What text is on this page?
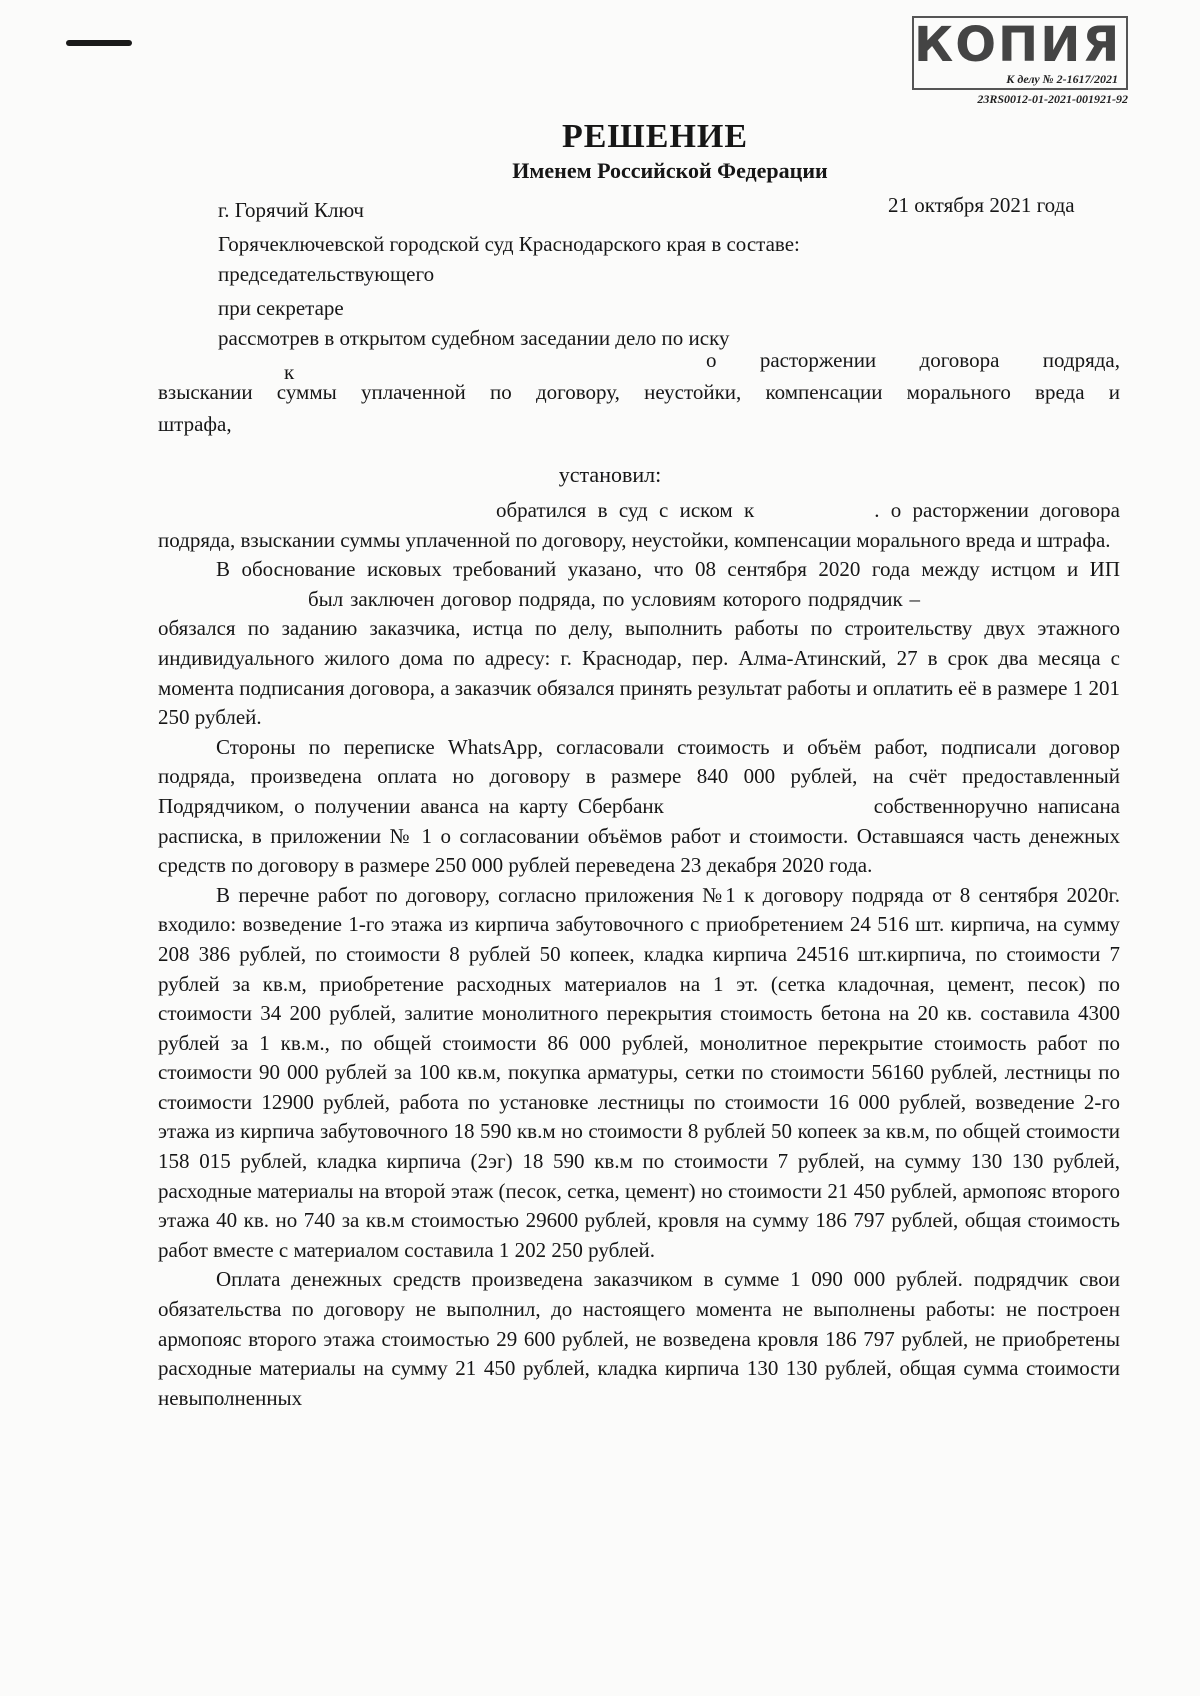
КОПИЯ
К делу № 2-1617/2021
23RS0012-01-2021-001921-92
РЕШЕНИЕ
Именем Российской Федерации
г. Горячий Ключ	21 октября 2021 года
Горячеключевской городской суд Краснодарского края в составе:
председательствующего
при секретаре
рассмотрев в открытом судебном заседании дело по иску
к	о расторжении договора подряда,
взыскании суммы уплаченной по договору, неустойки, компенсации морального вреда и
штрафа,
установил:

обратился в суд с иском к	. о расторжении договора подряда, взыскании суммы уплаченной по договору, неустойки, компенсации морального вреда и штрафа.

В обоснование исковых требований указано, что 08 сентября 2020 года между истцом и ИПбыл заключен договор подряда, по условиям которого подрядчик –обязался по заданию заказчика, истца по делу, выполнить работы по строительству двух этажного индивидуального жилого дома по адресу: г. Краснодар, пер. Алма-Атинский, 27 в срок два месяца с момента подписания договора, а заказчик обязался принять результат работы и оплатить её в размере 1 201 250 рублей.

Стороны по переписке WhatsApp, согласовали стоимость и объём работ, подписали договор подряда, произведена оплата но договору в размере 840 000 рублей, на счёт предоставленный Подрядчиком, о получении аванса на карту Сбербанк	собственноручно написана расписка, в приложении № 1 о согласовании объёмов работ и стоимости. Оставшаяся часть денежных средств по договору в размере 250 000 рублей переведена 23 декабря 2020 года.

В перечне работ по договору, согласно приложения №1 к договору подряда от 8 сентября 2020г. входило: возведение 1-го этажа из кирпича забутовочного с приобретением 24 516 шт. кирпича, на сумму 208 386 рублей, по стоимости 8 рублей 50 копеек, кладка кирпича 24516 шт.кирпича, по стоимости 7 рублей за кв.м, приобретение расходных материалов на 1 эт. (сетка кладочная, цемент, песок) по стоимости 34 200 рублей, залитие монолитного перекрытия стоимость бетона на 20 кв. составила 4300 рублей за 1 кв.м., по общей стоимости 86 000 рублей, монолитное перекрытие стоимость работ по стоимости 90 000 рублей за 100 кв.м, покупка арматуры, сетки по стоимости 56160 рублей, лестницы по стоимости 12900 рублей, работа по установке лестницы по стоимости 16 000 рублей, возведение 2-го этажа из кирпича забутовочного 18 590 кв.м но стоимости 8 рублей 50 копеек за кв.м, по общей стоимости 158 015 рублей, кладка кирпича (2эг) 18 590 кв.м по стоимости 7 рублей, на сумму 130 130 рублей, расходные материалы на второй этаж (песок, сетка, цемент) но стоимости 21 450 рублей, армопояс второго этажа 40 кв. но 740 за кв.м стоимостью 29600 рублей, кровля на сумму 186 797 рублей, общая стоимость работ вместе с материалом составила 1 202 250 рублей.

Оплата денежных средств произведена заказчиком в сумме 1 090 000 рублей. подрядчик свои обязательства по договору не выполнил, до настоящего момента не выполнены работы: не построен армопояс второго этажа стоимостью 29 600 рублей, не возведена кровля 186 797 рублей, не приобретены расходные материалы на сумму 21 450 рублей, кладка кирпича 130 130 рублей, общая сумма стоимости невыполненных
